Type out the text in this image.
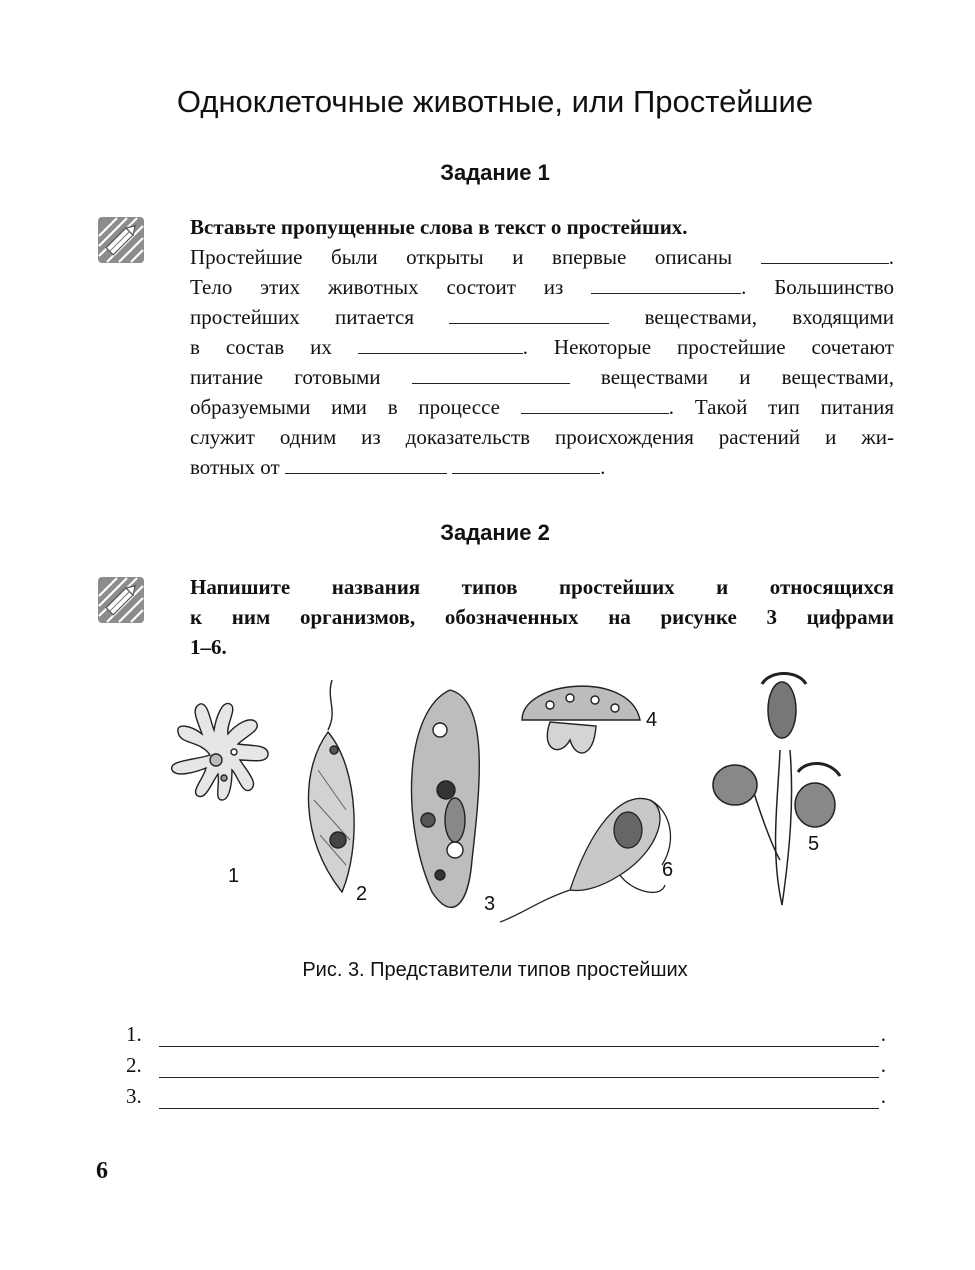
Одноклеточные животные, или Простейшие
Задание 1
Вставьте пропущенные слова в текст о простейших.
Простейшие были открыты и впервые описаны	.
Тело этих животных состоит из	. Большинство
простейших питается	веществами, входящими
в состав их	. Некоторые простейшие сочетают
питание готовыми	веществами и веществами,
образуемыми ими в процессе	. Такой тип питания
служит одним из доказательств происхождения растений и жи-
вотных от	.
Задание 2
Напишите названия типов простейших и относящихся
к ним организмов, обозначенных на рисунке 3 цифрами
1–6.
1
2	3
4
5
6
Рис. 3. Представители типов простейших
1.	.
2.	.
3.	.
6
